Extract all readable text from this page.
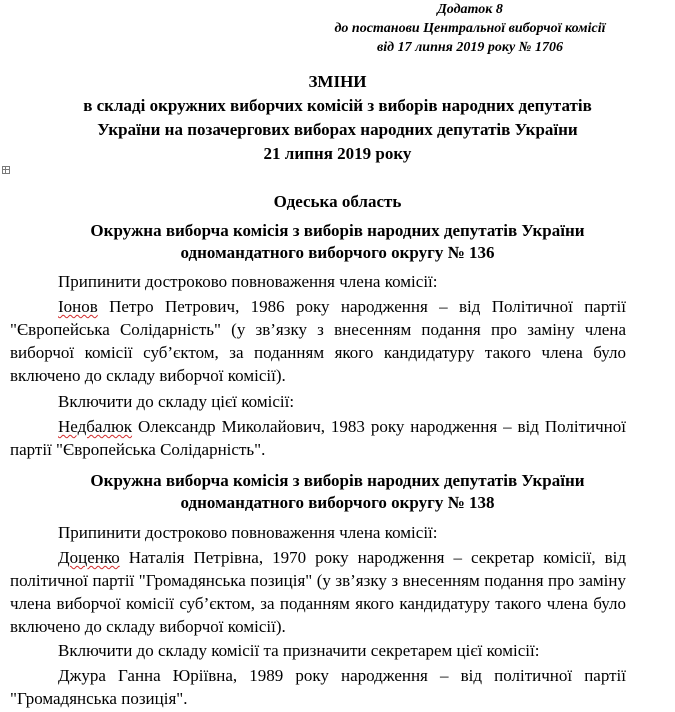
Додаток 8
до постанови Центральної виборчої комісії
від 17 липня 2019 року № 1706
ЗМІНИ
в складі окружних виборчих комісій з виборів народних депутатів
України на позачергових виборах народних депутатів України
21 липня 2019 року
Одеська область
Окружна виборча комісія з виборів народних депутатів України
одномандатного виборчого округу № 136
Припинити достроково повноваження члена комісії:
Іонов Петро Петрович, 1986 року народження – від Політичної партії "Європейська Солідарність" (у зв’язку з внесенням подання про заміну члена виборчої комісії суб’єктом, за поданням якого кандидатуру такого члена було включено до складу виборчої комісії).
Включити до складу цієї комісії:
Недбалюк Олександр Миколайович, 1983 року народження – від Політичної партії "Європейська Солідарність".
Окружна виборча комісія з виборів народних депутатів України
одномандатного виборчого округу № 138
Припинити достроково повноваження члена комісії:
Доценко Наталія Петрівна, 1970 року народження – секретар комісії, від політичної партії "Громадянська позиція" (у зв’язку з внесенням подання про заміну члена виборчої комісії суб’єктом, за поданням якого кандидатуру такого члена було включено до складу виборчої комісії).
Включити до складу комісії та призначити секретарем цієї комісії:
Джура Ганна Юріївна, 1989 року народження – від політичної партії "Громадянська позиція".
